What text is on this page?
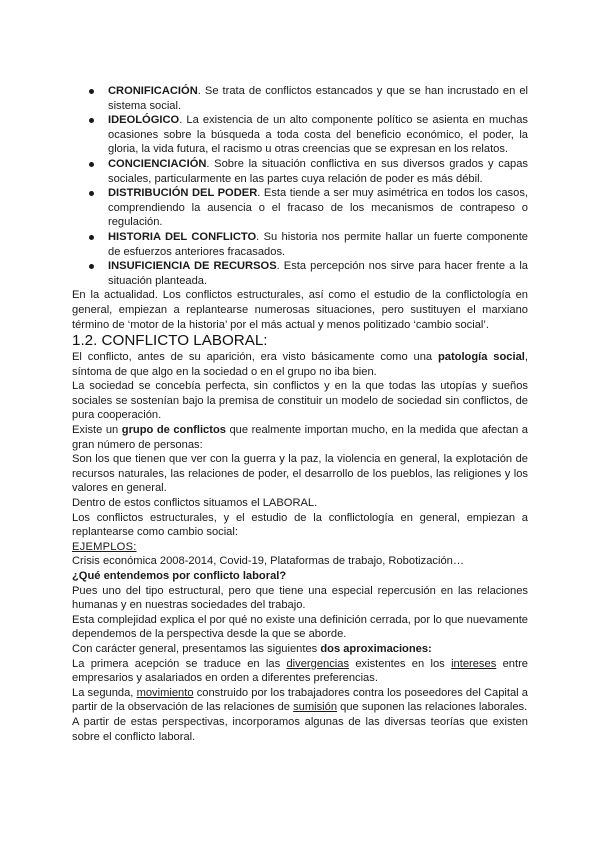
CRONIFICACIÓN. Se trata de conflictos estancados y que se han incrustado en el sistema social.
IDEOLÓGICO. La existencia de un alto componente político se asienta en muchas ocasiones sobre la búsqueda a toda costa del beneficio económico, el poder, la gloria, la vida futura, el racismo u otras creencias que se expresan en los relatos.
CONCIENCIACIÓN. Sobre la situación conflictiva en sus diversos grados y capas sociales, particularmente en las partes cuya relación de poder es más débil.
DISTRIBUCIÓN DEL PODER. Esta tiende a ser muy asimétrica en todos los casos, comprendiendo la ausencia o el fracaso de los mecanismos de contrapeso o regulación.
HISTORIA DEL CONFLICTO. Su historia nos permite hallar un fuerte componente de esfuerzos anteriores fracasados.
INSUFICIENCIA DE RECURSOS. Esta percepción nos sirve para hacer frente a la situación planteada.

En la actualidad. Los conflictos estructurales, así como el estudio de la conflictología en general, empiezan a replantearse numerosas situaciones, pero sustituyen el marxiano término de ‘motor de la historia’ por el más actual y menos politizado ‘cambio social’.

1.2. CONFLICTO LABORAL:

El conflicto, antes de su aparición, era visto básicamente como una patología social, síntoma de que algo en la sociedad o en el grupo no iba bien.

La sociedad se concebía perfecta, sin conflictos y en la que todas las utopías y sueños sociales se sostenían bajo la premisa de constituir un modelo de sociedad sin conflictos, de pura cooperación.

Existe un grupo de conflictos que realmente importan mucho, en la medida que afectan a gran número de personas:

Son los que tienen que ver con la guerra y la paz, la violencia en general, la explotación de recursos naturales, las relaciones de poder, el desarrollo de los pueblos, las religiones y los valores en general.

Dentro de estos conflictos situamos el LABORAL.

Los conflictos estructurales, y el estudio de la conflictología en general, empiezan a replantearse como cambio social:

EJEMPLOS:

Crisis económica 2008-2014, Covid-19, Plataformas de trabajo, Robotización…

¿Qué entendemos por conflicto laboral?

Pues uno del tipo estructural, pero que tiene una especial repercusión en las relaciones humanas y en nuestras sociedades del trabajo.

Esta complejidad explica el por qué no existe una definición cerrada, por lo que nuevamente dependemos de la perspectiva desde la que se aborde.

Con carácter general, presentamos las siguientes dos aproximaciones:

La primera acepción se traduce en las divergencias existentes en los intereses entre empresarios y asalariados en orden a diferentes preferencias.

La segunda, movimiento construido por los trabajadores contra los poseedores del Capital a partir de la observación de las relaciones de sumisión que suponen las relaciones laborales.

A partir de estas perspectivas, incorporamos algunas de las diversas teorías que existen sobre el conflicto laboral.
